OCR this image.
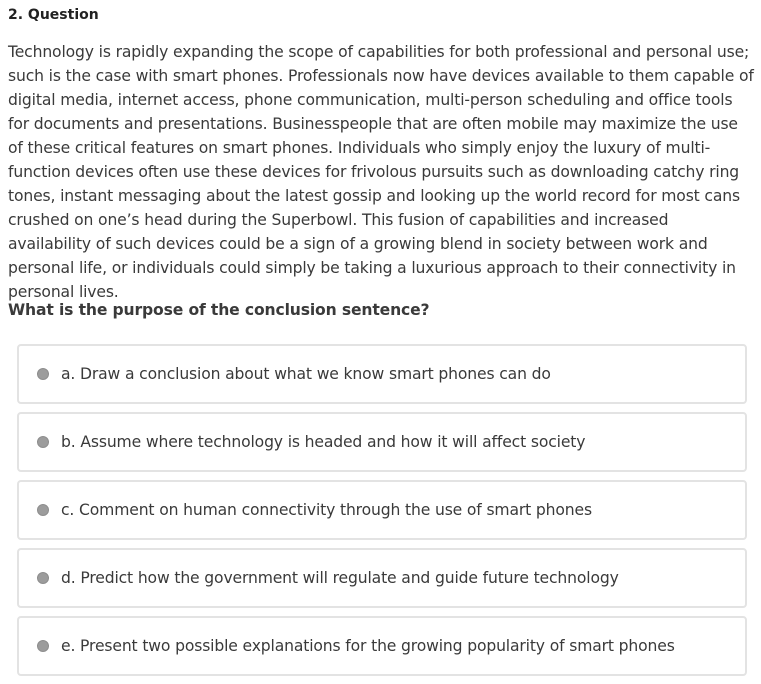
2. Question

Technology is rapidly expanding the scope of capabilities for both professional and personal use; such is the case with smart phones. Professionals now have devices available to them capable of digital media, internet access, phone communication, multi-person scheduling and office tools for documents and presentations. Businesspeople that are often mobile may maximize the use of these critical features on smart phones. Individuals who simply enjoy the luxury of multi-function devices often use these devices for frivolous pursuits such as downloading catchy ring tones, instant messaging about the latest gossip and looking up the world record for most cans crushed on one’s head during the Superbowl. This fusion of capabilities and increased availability of such devices could be a sign of a growing blend in society between work and personal life, or individuals could simply be taking a luxurious approach to their connectivity in personal lives.

What is the purpose of the conclusion sentence?
a. Draw a conclusion about what we know smart phones can do
b. Assume where technology is headed and how it will affect society
c. Comment on human connectivity through the use of smart phones
d. Predict how the government will regulate and guide future technology
e. Present two possible explanations for the growing popularity of smart phones
